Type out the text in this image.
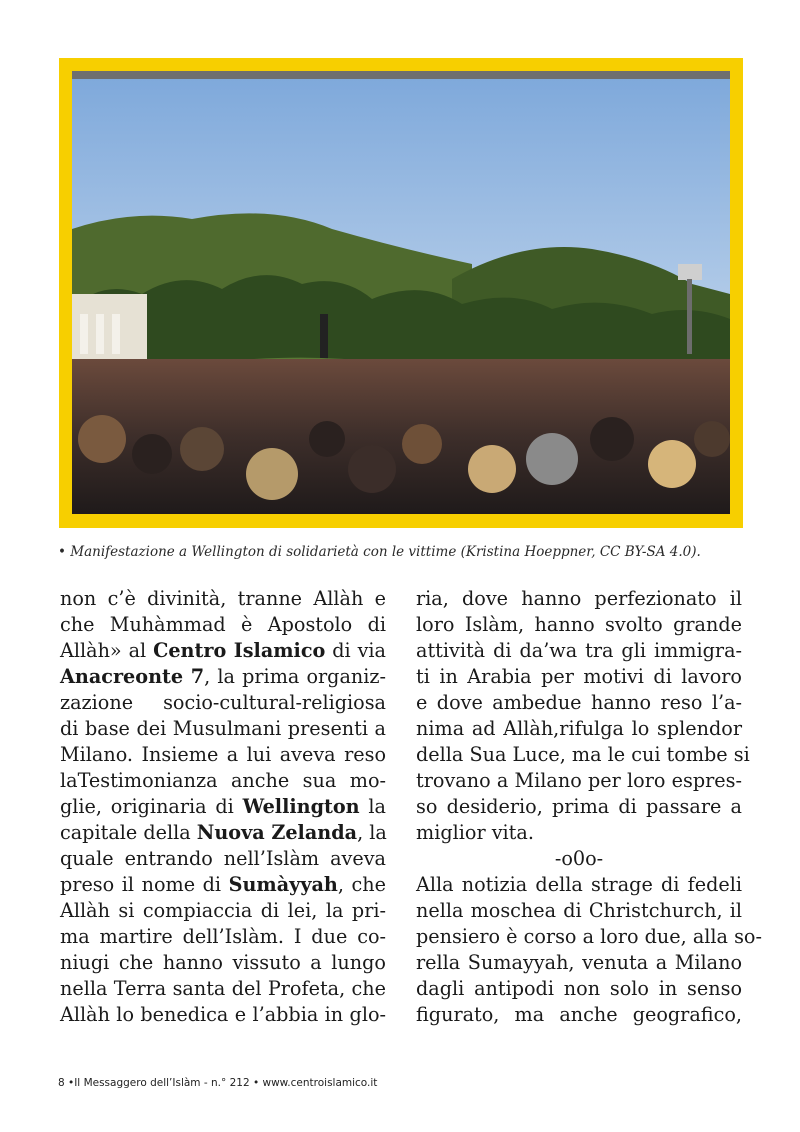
• Manifestazione a Wellington di solidarietà con le vittime (Kristina Hoeppner, CC BY-SA 4.0).
non c’è divinità, tranne Allàh e
che Muhàmmad è Apostolo di
Allàh» al Centro Islamico di via
Anacreonte 7, la prima organiz-
zazione socio-cultural-religiosa
di base dei Musulmani presenti a
Milano. Insieme a lui aveva reso
laTestimonianza anche sua mo-
glie, originaria di Wellington la
capitale della Nuova Zelanda, la
quale entrando nell’Islàm aveva
preso il nome di Sumàyyah, che
Allàh si compiaccia di lei, la pri-
ma martire dell’Islàm. I due co-
niugi che hanno vissuto a lungo
nella Terra santa del Profeta, che
Allàh lo benedica e l’abbia in glo-
ria, dove hanno perfezionato il
loro Islàm, hanno svolto grande
attività di da’wa tra gli immigra-
ti in Arabia per motivi di lavoro
e dove ambedue hanno reso l’a-
nima ad Allàh,rifulga lo splendor
della Sua Luce, ma le cui tombe si
trovano a Milano per loro espres-
so desiderio, prima di passare a
miglior vita.
-o0o-
Alla notizia della strage di fedeli
nella moschea di Christchurch, il
pensiero è corso a loro due, alla so-
rella Sumayyah, venuta a Milano
dagli antipodi non solo in senso
figurato, ma anche geografico,
8 •Il Messaggero dell’Islàm - n.° 212 • www.centroislamico.it
